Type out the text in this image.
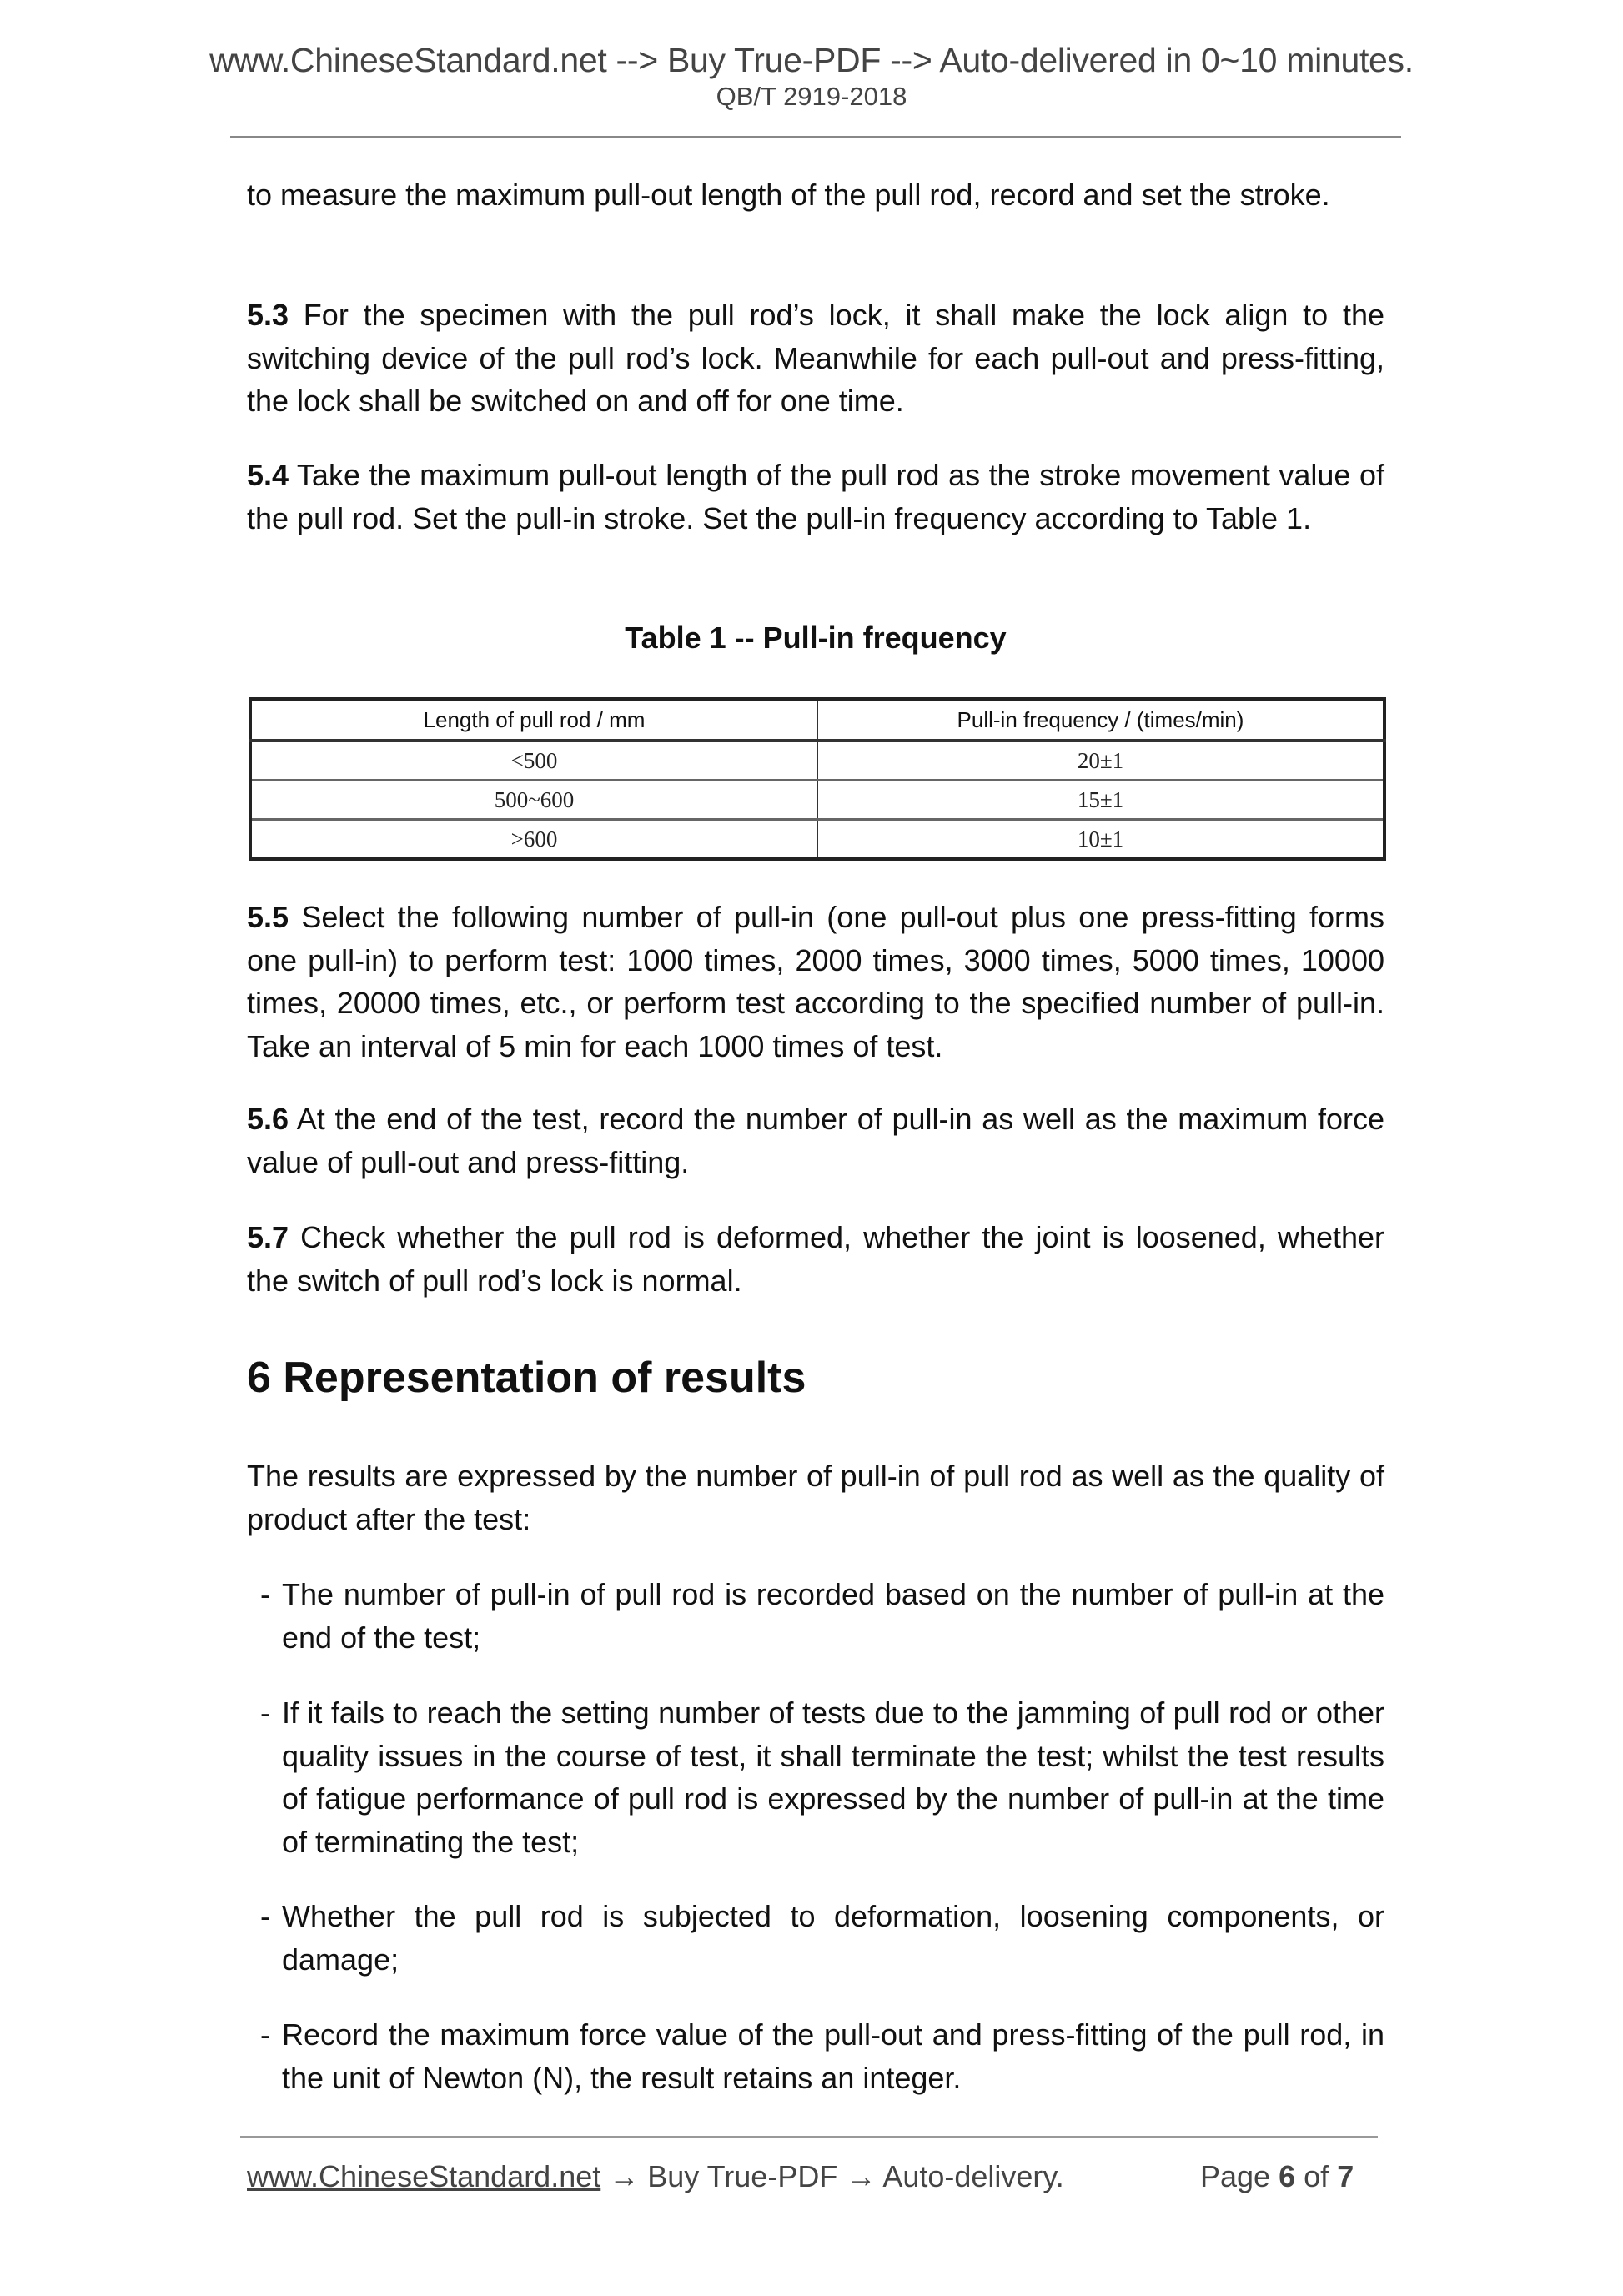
www.ChineseStandard.net --> Buy True-PDF --> Auto-delivered in 0~10 minutes.
QB/T 2919-2018

to measure the maximum pull-out length of the pull rod, record and set the stroke.

5.3 For the specimen with the pull rod’s lock, it shall make the lock align to the switching device of the pull rod’s lock. Meanwhile for each pull-out and press-fitting, the lock shall be switched on and off for one time.

5.4 Take the maximum pull-out length of the pull rod as the stroke movement value of the pull rod. Set the pull-in stroke. Set the pull-in frequency according to Table 1.

Table 1 -- Pull-in frequency
Length of pull rod / mm	Pull-in frequency / (times/min)
<500	20±1
500~600	15±1
>600	10±1

5.5 Select the following number of pull-in (one pull-out plus one press-fitting forms one pull-in) to perform test: 1000 times, 2000 times, 3000 times, 5000 times, 10000 times, 20000 times, etc., or perform test according to the specified number of pull-in. Take an interval of 5 min for each 1000 times of test.

5.6 At the end of the test, record the number of pull-in as well as the maximum force value of pull-out and press-fitting.

5.7 Check whether the pull rod is deformed, whether the joint is loosened, whether the switch of pull rod’s lock is normal.

6 Representation of results

The results are expressed by the number of pull-in of pull rod as well as the quality of product after the test:

- The number of pull-in of pull rod is recorded based on the number of pull-in at the end of the test;
- If it fails to reach the setting number of tests due to the jamming of pull rod or other quality issues in the course of test, it shall terminate the test; whilst the test results of fatigue performance of pull rod is expressed by the number of pull-in at the time of terminating the test;
- Whether the pull rod is subjected to deformation, loosening components, or damage;
- Record the maximum force value of the pull-out and press-fitting of the pull rod, in the unit of Newton (N), the result retains an integer.
www.ChineseStandard.net → Buy True-PDF → Auto-delivery.	Page 6 of 7
